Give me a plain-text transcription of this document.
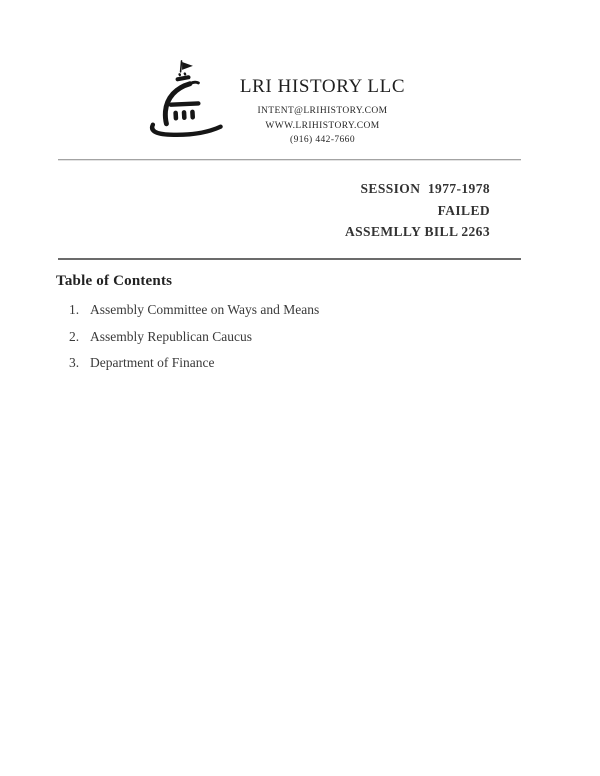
LRI HISTORY LLC
INTENT@LRIHISTORY.COM
WWW.LRIHISTORY.COM
(916) 442-7660
SESSION  1977-1978
FAILED
ASSEMLLY BILL 2263
Table of Contents
1. Assembly Committee on Ways and Means
2. Assembly Republican Caucus
3. Department of Finance
